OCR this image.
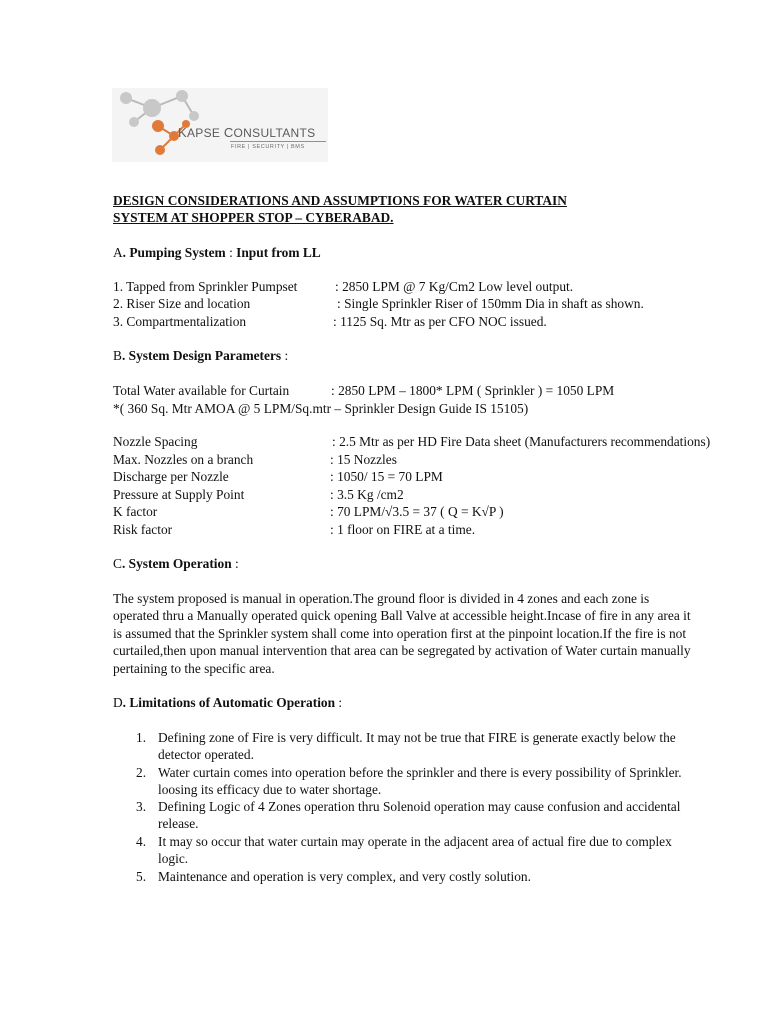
KAPSE CONSULTANTS
FIRE | SECURITY | BMS
DESIGN CONSIDERATIONS AND ASSUMPTIONS FOR WATER CURTAIN
SYSTEM AT SHOPPER STOP – CYBERABAD.
A. Pumping System : Input from LL
1. Tapped from Sprinkler Pumpset	: 2850 LPM @ 7 Kg/Cm2 Low level output.
2. Riser Size and location	: Single Sprinkler Riser of 150mm Dia in shaft as shown.
3. Compartmentalization	: 1125 Sq. Mtr as per CFO NOC issued.
B. System Design Parameters :
Total Water available for Curtain	: 2850 LPM – 1800* LPM ( Sprinkler ) = 1050 LPM
*( 360 Sq. Mtr AMOA @ 5 LPM/Sq.mtr – Sprinkler Design Guide IS 15105)
Nozzle Spacing	: 2.5 Mtr as per HD Fire Data sheet (Manufacturers recommendations)
Max. Nozzles on a branch	: 15 Nozzles
Discharge per Nozzle	: 1050/ 15 = 70 LPM
Pressure at Supply Point	: 3.5 Kg /cm2
K factor	: 70 LPM/√3.5 = 37 ( Q = K√P )
Risk factor	: 1 floor on FIRE at a time.
C. System Operation :
The system proposed is manual in operation.The ground floor is divided in 4 zones and each zone is
operated thru a Manually operated quick opening Ball Valve at accessible height.Incase of fire in any area it
is assumed that the Sprinkler system shall come into operation first at the pinpoint location.If the fire is not
curtailed,then upon manual intervention that area can be segregated by activation of Water curtain manually
pertaining to the specific area.
D. Limitations of Automatic Operation :
1. Defining zone of Fire is very difficult. It may not be true that FIRE is generate exactly below the
detector operated.
2. Water curtain comes into operation before the sprinkler and there is every possibility of Sprinkler.
loosing its efficacy due to water shortage.
3. Defining Logic of 4 Zones operation thru Solenoid operation may cause confusion and accidental
release.
4. It may so occur that water curtain may operate in the adjacent area of actual fire due to complex
logic.
5. Maintenance and operation is very complex, and very costly solution.
